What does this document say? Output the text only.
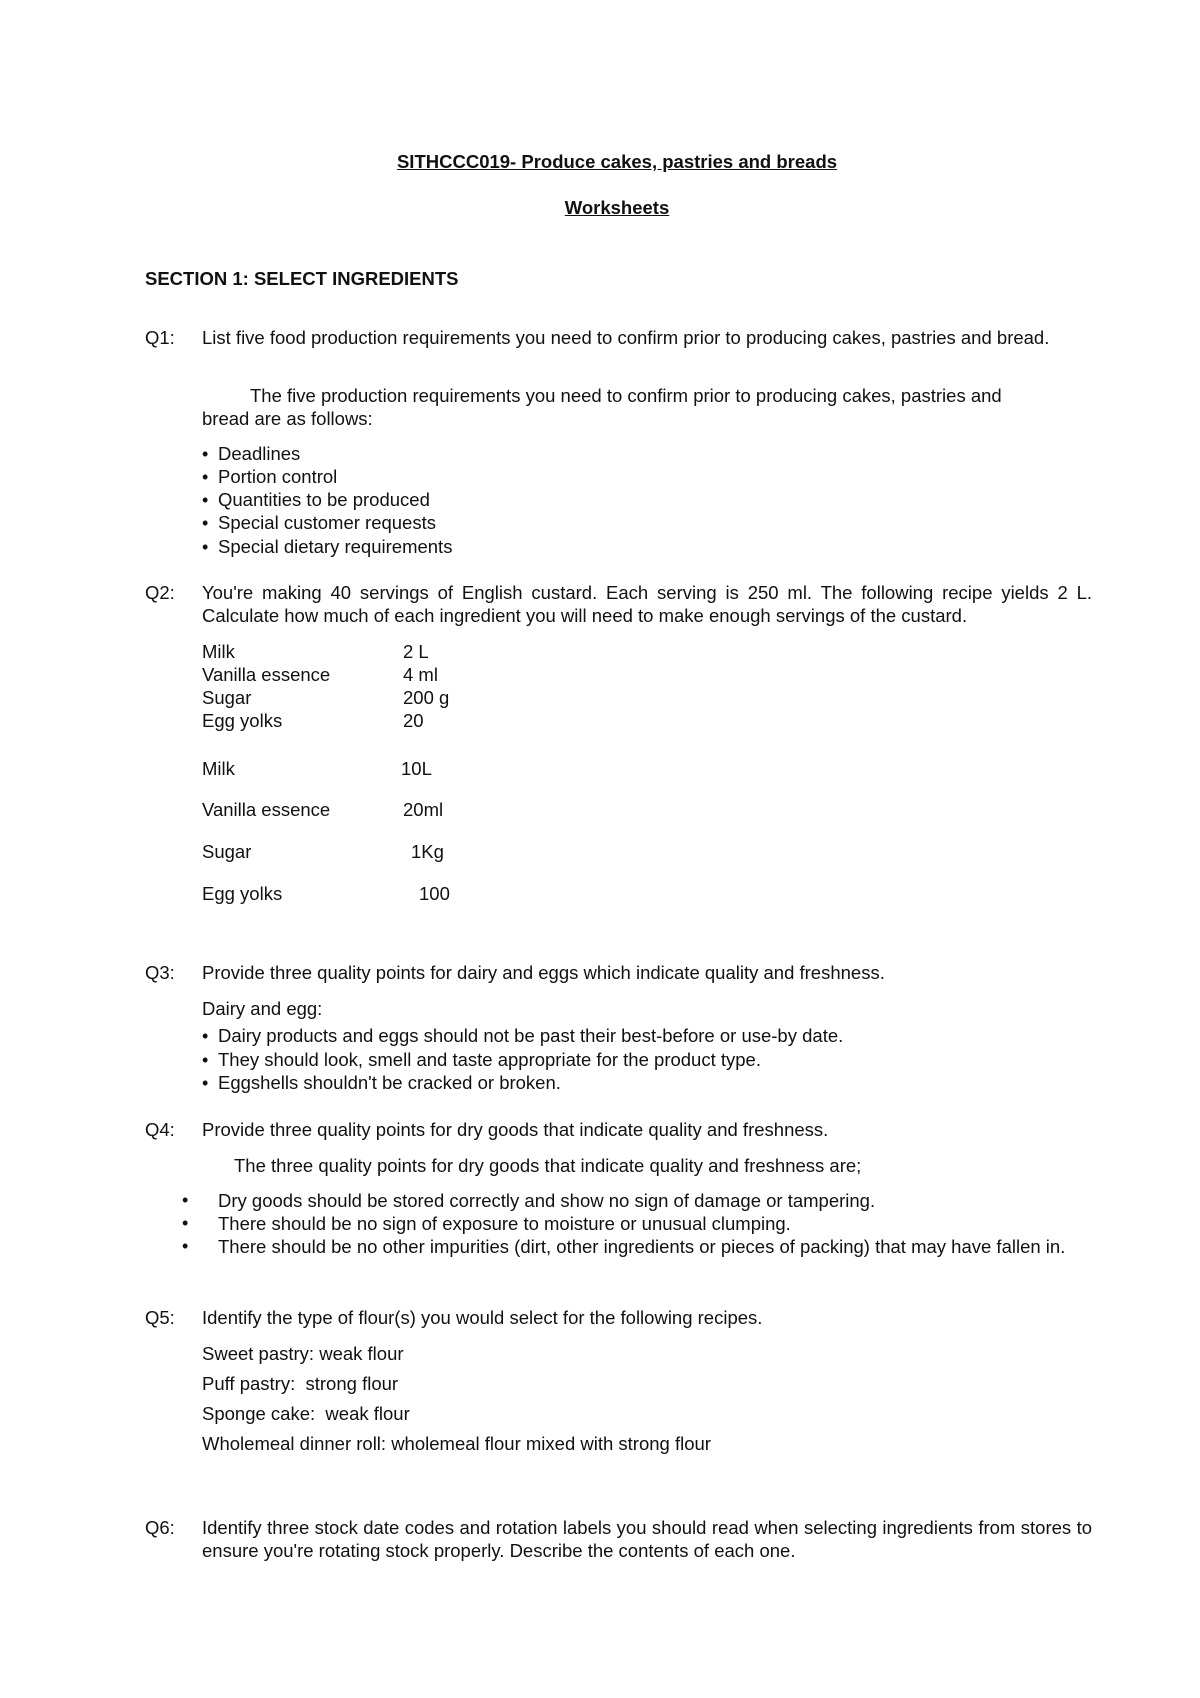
SITHCCC019- Produce cakes, pastries and breads
Worksheets
SECTION 1: SELECT INGREDIENTS
Q1: List five food production requirements you need to confirm prior to producing cakes, pastries and bread.
The five production requirements you need to confirm prior to producing cakes, pastries and
bread are as follows:
• Deadlines
• Portion control
• Quantities to be produced
• Special customer requests
• Special dietary requirements
Q2: You're making 40 servings of English custard. Each serving is 250 ml. The following recipe yields 2 L. Calculate how much of each ingredient you will need to make enough servings of the custard.
Milk	2 L
Vanilla essence	4 ml
Sugar	200 g
Egg yolks	20
Milk	10L
Vanilla essence	20ml
Sugar	1Kg
Egg yolks	100
Q3: Provide three quality points for dairy and eggs which indicate quality and freshness.
Dairy and egg:
• Dairy products and eggs should not be past their best-before or use-by date.
• They should look, smell and taste appropriate for the product type.
• Eggshells shouldn't be cracked or broken.
Q4: Provide three quality points for dry goods that indicate quality and freshness.
The three quality points for dry goods that indicate quality and freshness are;
• Dry goods should be stored correctly and show no sign of damage or tampering.
• There should be no sign of exposure to moisture or unusual clumping.
• There should be no other impurities (dirt, other ingredients or pieces of packing) that may have fallen in.
Q5: Identify the type of flour(s) you would select for the following recipes.
Sweet pastry: weak flour
Puff pastry:  strong flour
Sponge cake:  weak flour
Wholemeal dinner roll: wholemeal flour mixed with strong flour
Q6: Identify three stock date codes and rotation labels you should read when selecting ingredients from stores to ensure you're rotating stock properly. Describe the contents of each one.
